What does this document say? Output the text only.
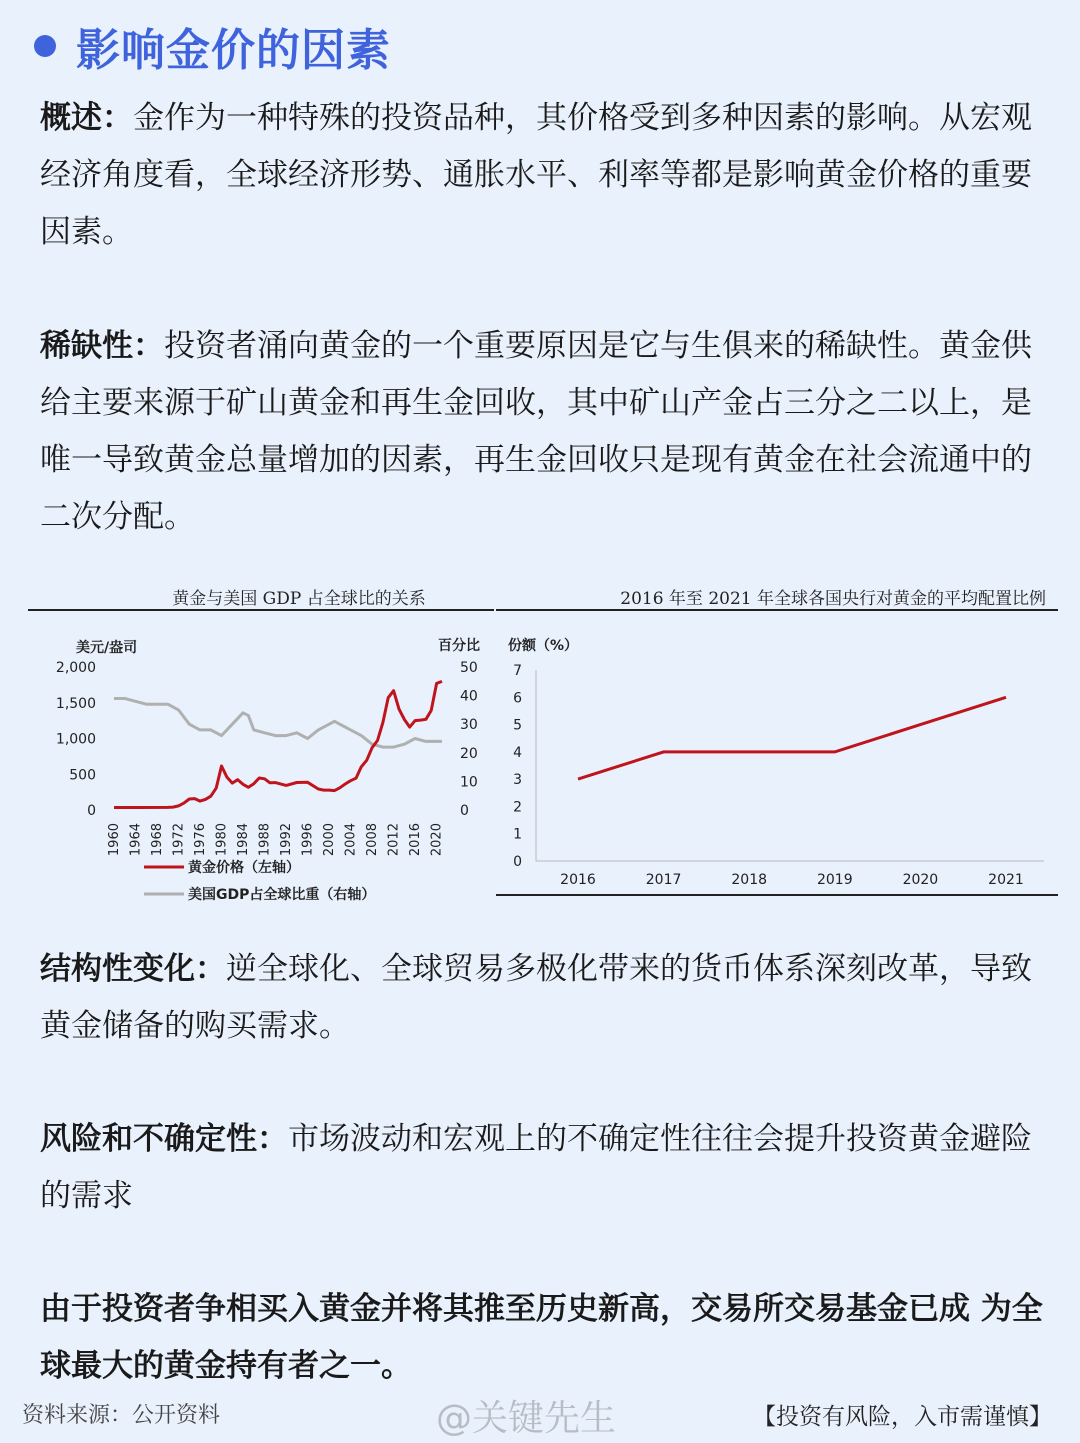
影响金价的因素
概述：金作为一种特殊的投资品种，其价格受到多种因素的影响。从宏观经济角度看，全球经济形势、通胀水平、利率等都是影响黄金价格的重要因素。
稀缺性：投资者涌向黄金的一个重要原因是它与生俱来的稀缺性。黄金供给主要来源于矿山黄金和再生金回收，其中矿山产金占三分之二以上，是唯一导致黄金总量增加的因素，再生金回收只是现有黄金在社会流通中的二次分配。
黄金与美国 GDP 占全球比的关系	2016 年至 2021 年全球各国央行对黄金的平均配置比例
美元/盎司	百分比 份额（%）
2,000
1,500
1,000
500
0
50
40
30
20
10
0
1960 1964 1968 1972 1976 1980 1984 1988 1992 1996 2000 2004 2008 2012 2016 2020
黄金价格（左轴）
美国GDP占全球比重（右轴）
7
6
5
4
3
2
1
0
2016	2017	2018	2019	2020	2021
结构性变化：逆全球化、全球贸易多极化带来的货币体系深刻改革，导致黄金储备的购买需求。
风险和不确定性：市场波动和宏观上的不确定性往往会提升投资黄金避险的需求
由于投资者争相买入黄金并将其推至历史新高，交易所交易基金已成 为全球最大的黄金持有者之一。
资料来源：公开资料	@关键先生	【投资有风险，入市需谨慎】
